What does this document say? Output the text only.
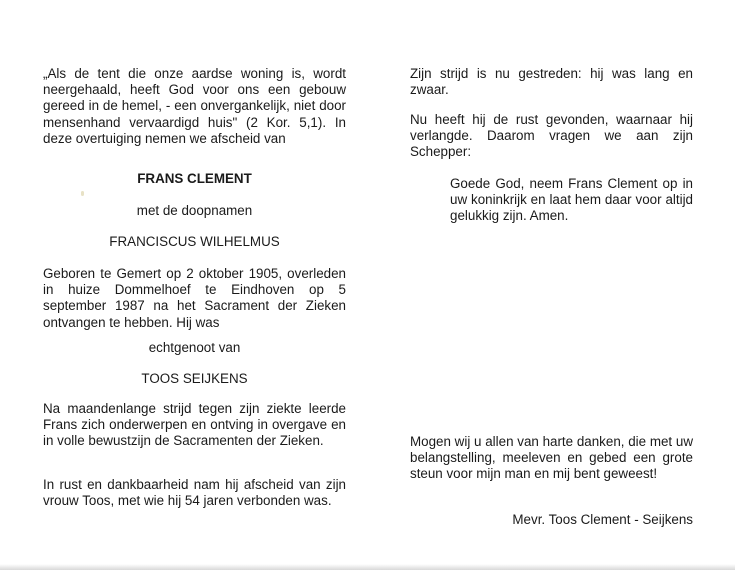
„Als de tent die onze aardse woning is, wordt neergehaald, heeft God voor ons een gebouw gereed in de hemel, - een onvergankelijk, niet door mensenhand vervaardigd huis" (2 Kor. 5,1). In deze overtuiging nemen we afscheid van

FRANS CLEMENT

met de doopnamen

FRANCISCUS WILHELMUS

Geboren te Gemert op 2 oktober 1905, overleden in huize Dommelhoef te Eindhoven op 5 september 1987 na het Sacrament der Zieken ontvangen te hebben. Hij was

echtgenoot van

TOOS SEIJKENS

Na maandenlange strijd tegen zijn ziekte leerde Frans zich onderwerpen en ontving in overgave en in volle bewustzijn de Sacramenten der Zieken.

In rust en dankbaarheid nam hij afscheid van zijn vrouw Toos, met wie hij 54 jaren verbonden was.

Zijn strijd is nu gestreden: hij was lang en zwaar.

Nu heeft hij de rust gevonden, waarnaar hij verlangde. Daarom vragen we aan zijn Schepper:

Goede God, neem Frans Clement op in uw koninkrijk en laat hem daar voor altijd gelukkig zijn. Amen.

Mogen wij u allen van harte danken, die met uw belangstelling, meeleven en gebed een grote steun voor mijn man en mij bent geweest!

Mevr. Toos Clement - Seijkens
